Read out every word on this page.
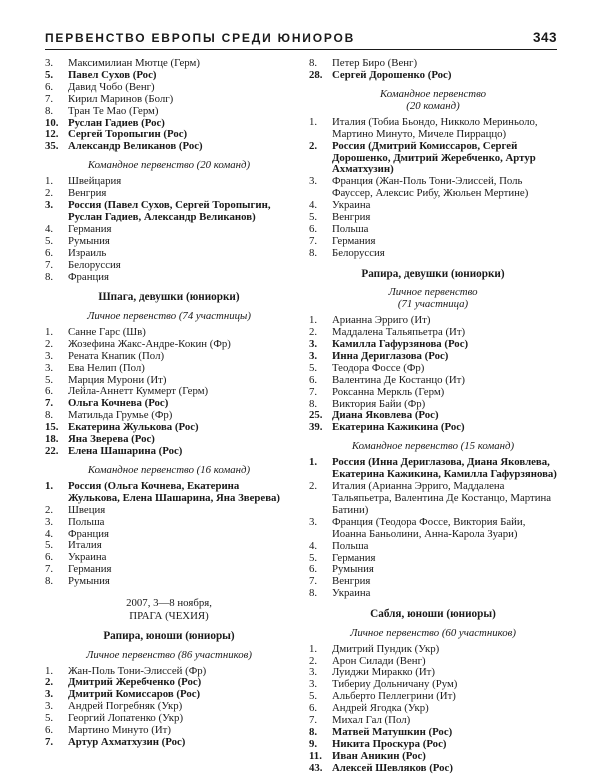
ПЕРВЕНСТВО ЕВРОПЫ СРЕДИ ЮНИОРОВ	343
3. Максимилиан Мютце (Герм)
5. Павел Сухов (Рос)
6. Давид Чобо (Венг)
7. Кирил Маринов (Болг)
8. Тран Те Мао (Герм)
10. Руслан Гадиев (Рос)
12. Сергей Торопыгин (Рос)
35. Александр Великанов (Рос)
Командное первенство (20 команд)
1. Швейцария
2. Венгрия
3. Россия (Павел Сухов, Сергей Торопыгин, Руслан Гадиев, Александр Великанов)
4. Германия
5. Румыния
6. Израиль
7. Белоруссия
8. Франция
Шпага, девушки (юниорки)
Личное первенство (74 участницы)
1. Санне Гарс (Шв)
2. Жозефина Жакс-Андре-Кокин (Фр)
3. Рената Кнапик (Пол)
3. Ева Нелип (Пол)
5. Марция Мурони (Ит)
6. Лейла-Аннетт Куммерт (Герм)
7. Ольга Кочнева (Рос)
8. Матильда Грумье (Фр)
15. Екатерина Жулькова (Рос)
18. Яна Зверева (Рос)
22. Елена Шашарина (Рос)
Командное первенство (16 команд)
1. Россия (Ольга Кочнева, Екатерина Жулькова, Елена Шашарина, Яна Зверева)
2. Швеция
3. Польша
4. Франция
5. Италия
6. Украина
7. Германия
8. Румыния
2007, 3—8 ноября,
ПРАГА (ЧЕХИЯ)
Рапира, юноши (юниоры)
Личное первенство (86 участников)
1. Жан-Поль Тони-Элиссей (Фр)
2. Дмитрий Жеребченко (Рос)
3. Дмитрий Комиссаров (Рос)
3. Андрей Погребняк (Укр)
5. Георгий Лопатенко (Укр)
6. Мартино Минуто (Ит)
7. Артур Ахматхузин (Рос)
8. Петер Биро (Венг)
28. Сергей Дорошенко (Рос)
Командное первенство
(20 команд)
1. Италия (Тобиа Бьондо, Никколо Мериньоло, Мартино Минуто, Мичеле Пирраццо)
2. Россия (Дмитрий Комиссаров, Сергей Дорошенко, Дмитрий Жеребченко, Артур Ахматхузин)
3. Франция (Жан-Поль Тони-Элиссей, Поль Фауссер, Алексис Рибу, Жюльен Мертине)
4. Украина
5. Венгрия
6. Польша
7. Германия
8. Белоруссия
Рапира, девушки (юниорки)
Личное первенство
(71 участница)
1. Арианна Эрриго (Ит)
2. Маддалена Тальяпьетра (Ит)
3. Камилла Гафурзянова (Рос)
3. Инна Дериглазова (Рос)
5. Теодора Фоссе (Фр)
6. Валентина Де Костанцо (Ит)
7. Роксанна Меркль (Герм)
8. Виктория Байи (Фр)
25. Диана Яковлева (Рос)
39. Екатерина Кажикина (Рос)
Командное первенство (15 команд)
1. Россия (Инна Дериглазова, Диана Яковлева, Екатерина Кажикина, Камилла Гафурзянова)
2. Италия (Арианна Эрриго, Маддалена Тальяпьетра, Валентина Де Костанцо, Мартина Батини)
3. Франция (Теодора Фоссе, Виктория Байи, Иоанна Баньолини, Анна-Карола Зуари)
4. Польша
5. Германия
6. Румыния
7. Венгрия
8. Украина
Сабля, юноши (юниоры)
Личное первенство (60 участников)
1. Дмитрий Пундик (Укр)
2. Арон Силади (Венг)
3. Луиджи Миракко (Ит)
3. Тибериу Дольничану (Рум)
5. Альберто Пеллегрини (Ит)
6. Андрей Ягодка (Укр)
7. Михал Гал (Пол)
8. Матвей Матушкин (Рос)
9. Никита Проскура (Рос)
11. Иван Аникин (Рос)
43. Алексей Шевляков (Рос)
